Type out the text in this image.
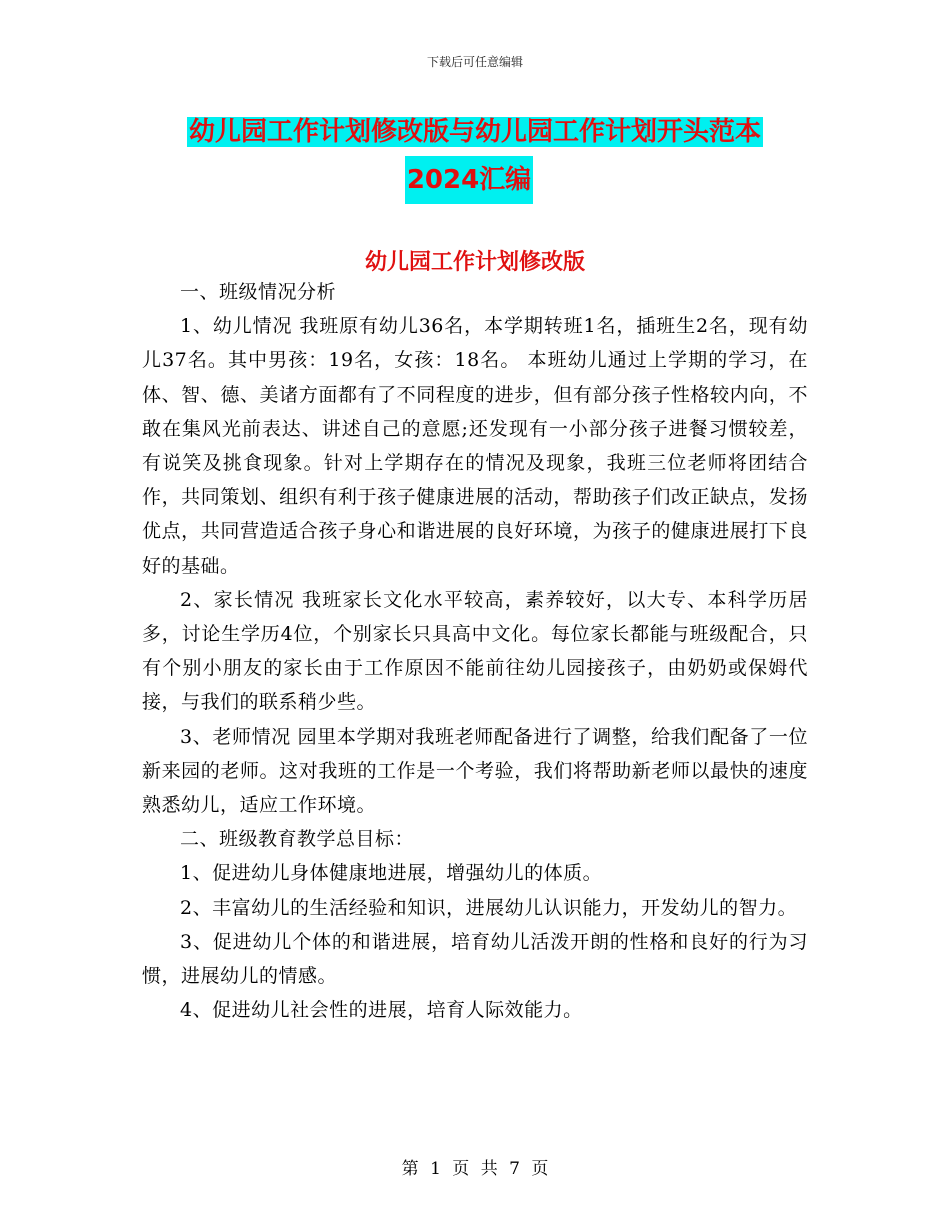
下载后可任意编辑
幼儿园工作计划修改版与幼儿园工作计划开头范本
2024汇编
幼儿园工作计划修改版

一、班级情况分析

1、幼儿情况 我班原有幼儿36名，本学期转班1名，插班生2名，现有幼儿37名。其中男孩：19名，女孩：18名。 本班幼儿通过上学期的学习，在体、智、德、美诸方面都有了不同程度的进步，但有部分孩子性格较内向，不敢在集风光前表达、讲述自己的意愿;还发现有一小部分孩子进餐习惯较差，有说笑及挑食现象。针对上学期存在的情况及现象，我班三位老师将团结合作，共同策划、组织有利于孩子健康进展的活动，帮助孩子们改正缺点，发扬优点，共同营造适合孩子身心和谐进展的良好环境，为孩子的健康进展打下良好的基础。

2、家长情况 我班家长文化水平较高，素养较好，以大专、本科学历居多，讨论生学历4位，个别家长只具高中文化。每位家长都能与班级配合，只有个别小朋友的家长由于工作原因不能前往幼儿园接孩子，由奶奶或保姆代接，与我们的联系稍少些。

3、老师情况 园里本学期对我班老师配备进行了调整，给我们配备了一位新来园的老师。这对我班的工作是一个考验，我们将帮助新老师以最快的速度熟悉幼儿，适应工作环境。

二、班级教育教学总目标：

1、促进幼儿身体健康地进展，增强幼儿的体质。

2、丰富幼儿的生活经验和知识，进展幼儿认识能力，开发幼儿的智力。

3、促进幼儿个体的和谐进展，培育幼儿活泼开朗的性格和良好的行为习惯，进展幼儿的情感。

4、促进幼儿社会性的进展，培育人际效能力。

第 1 页 共 7 页
